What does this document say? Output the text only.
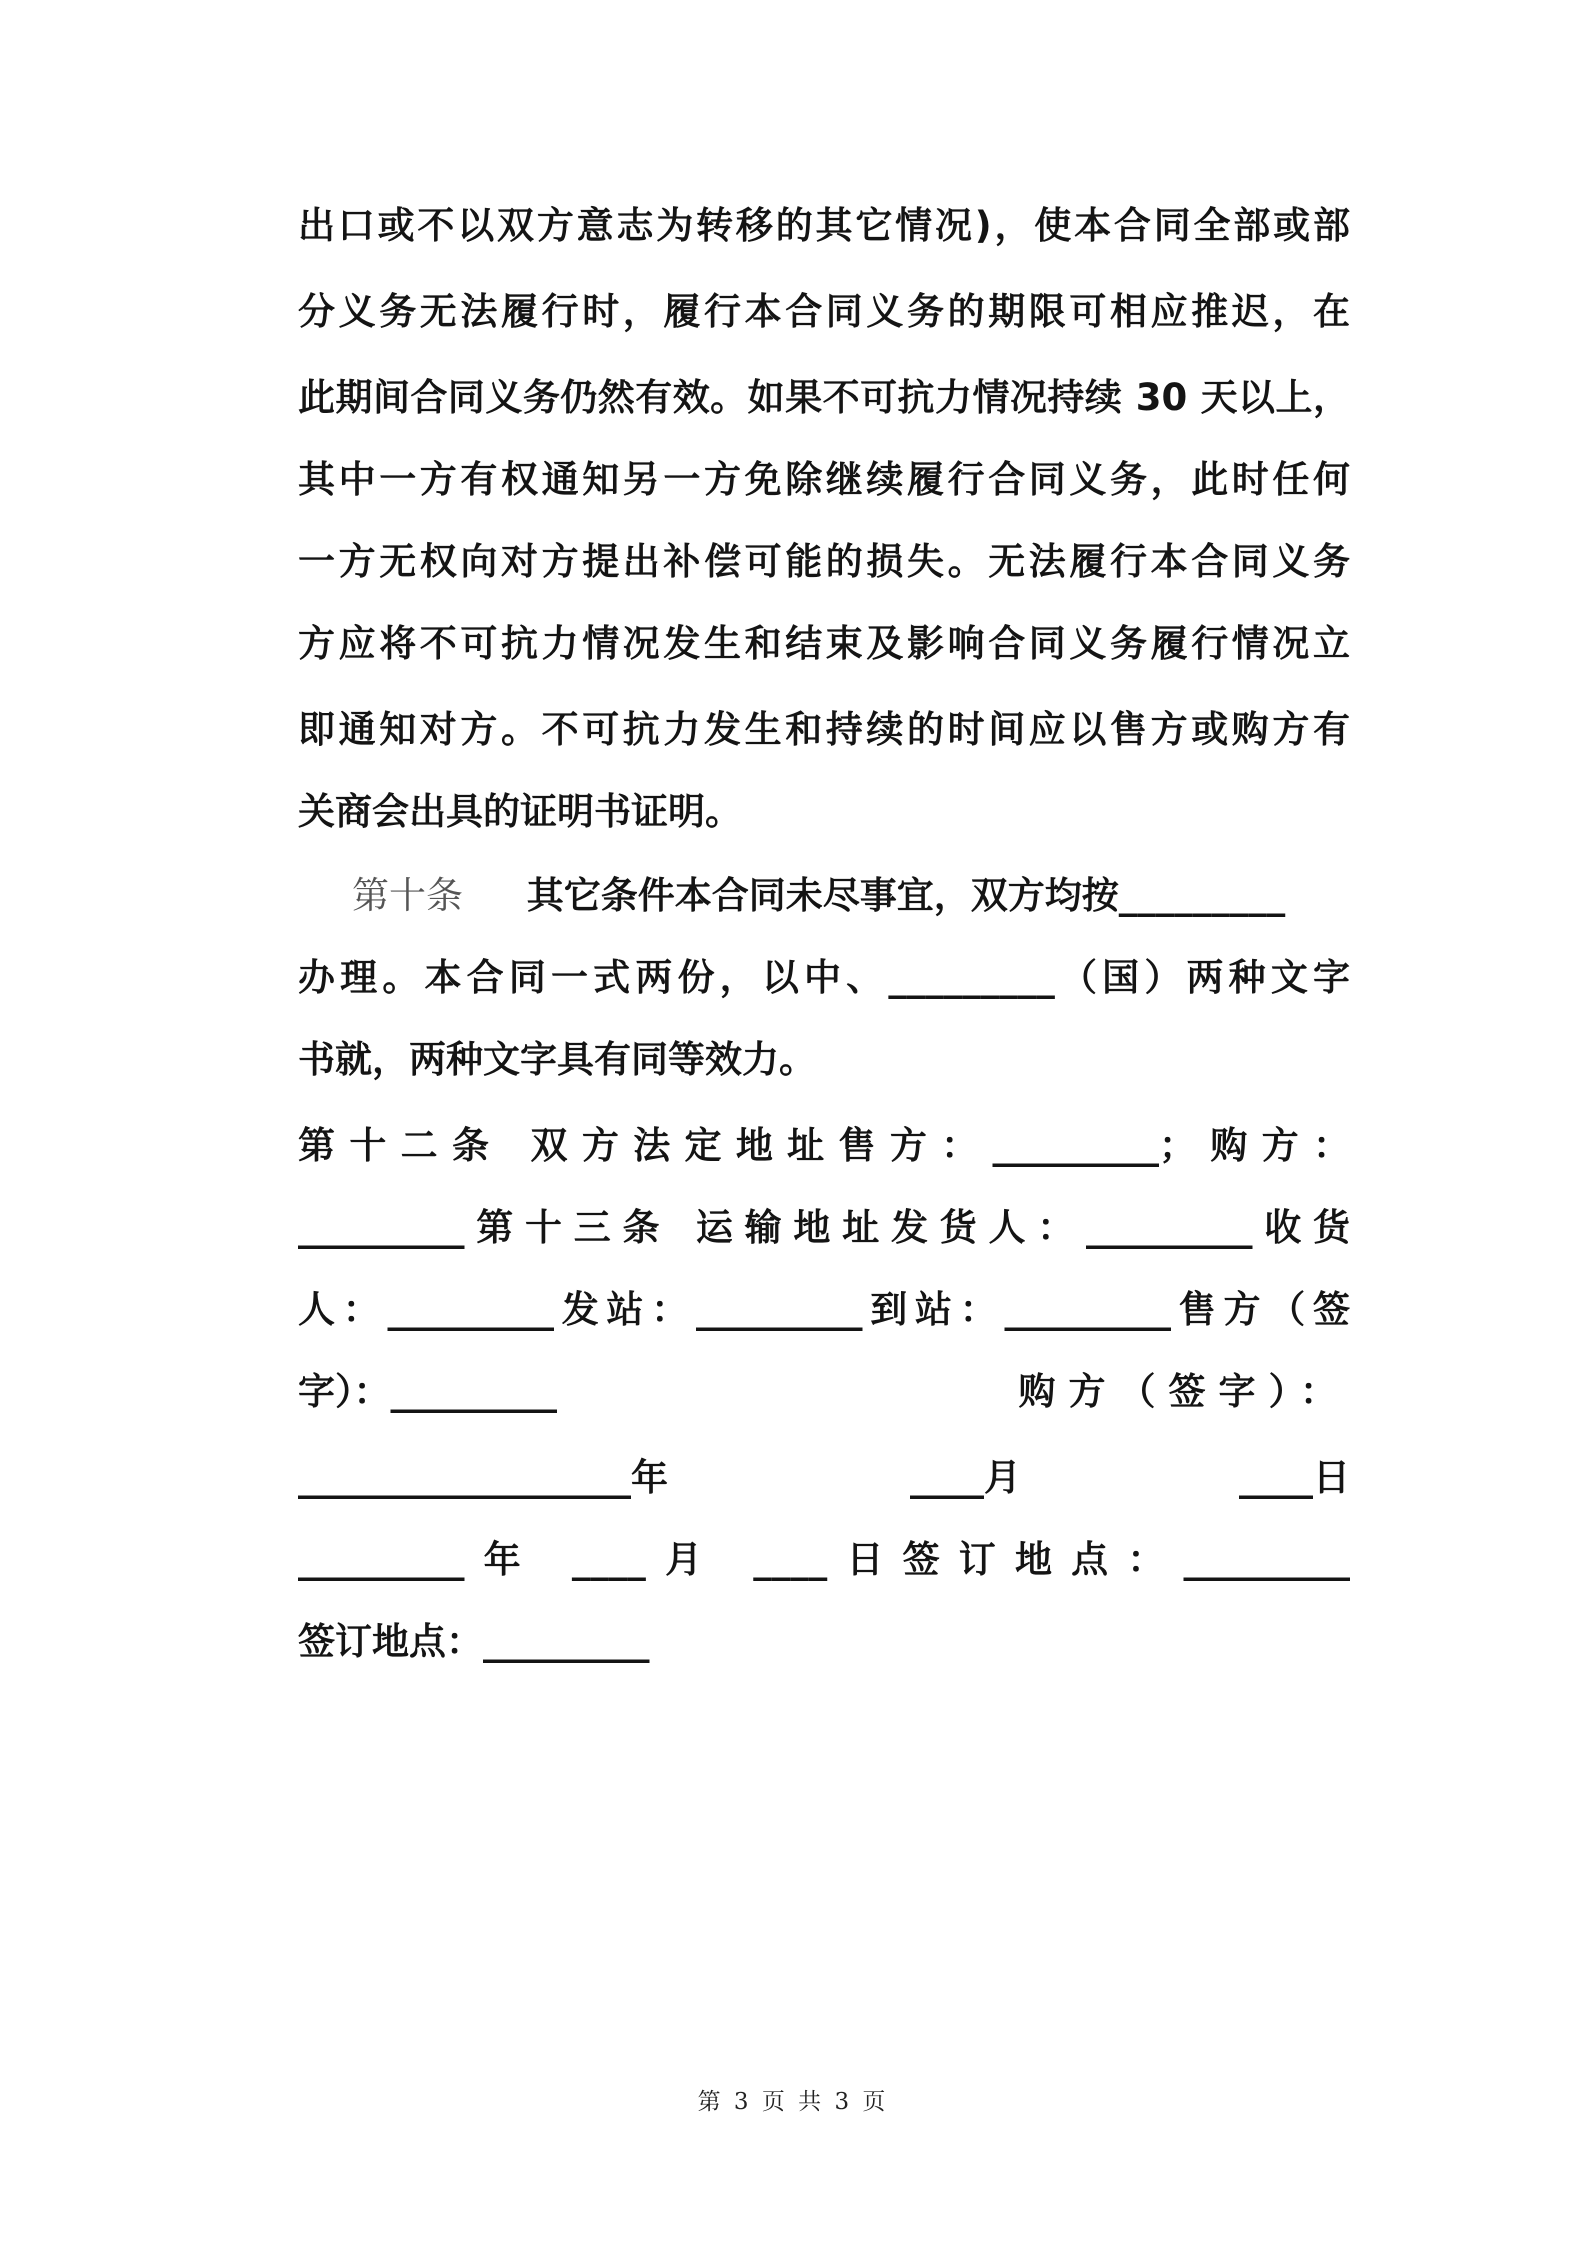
出口或不以双方意志为转移的其它情况)，使本合同全部或部
分义务无法履行时，履行本合同义务的期限可相应推迟，在
此期间合同义务仍然有效。如果不可抗力情况持续 30 天以上，
其中一方有权通知另一方免除继续履行合同义务，此时任何
一方无权向对方提出补偿可能的损失。无法履行本合同义务
方应将不可抗力情况发生和结束及影响合同义务履行情况立
即通知对方。不可抗力发生和持续的时间应以售方或购方有
关商会出具的证明书证明。
第十条 其它条件本合同未尽事宜，双方均按_________
办理。本合同一式两份，以中、_________（国）两种文字
书就，两种文字具有同等效力。
第十二条 双方法定地址售方：_________；购方：
_________第十三条 运输地址发货人：_________收货
人：_________发站：_________到站：_________售方（签
字）：_________	购方（签字）：
__________________年	____月	____日
_________年 ____月 ____日签订地点：_________
签订地点：_________
第 3 页 共 3 页
